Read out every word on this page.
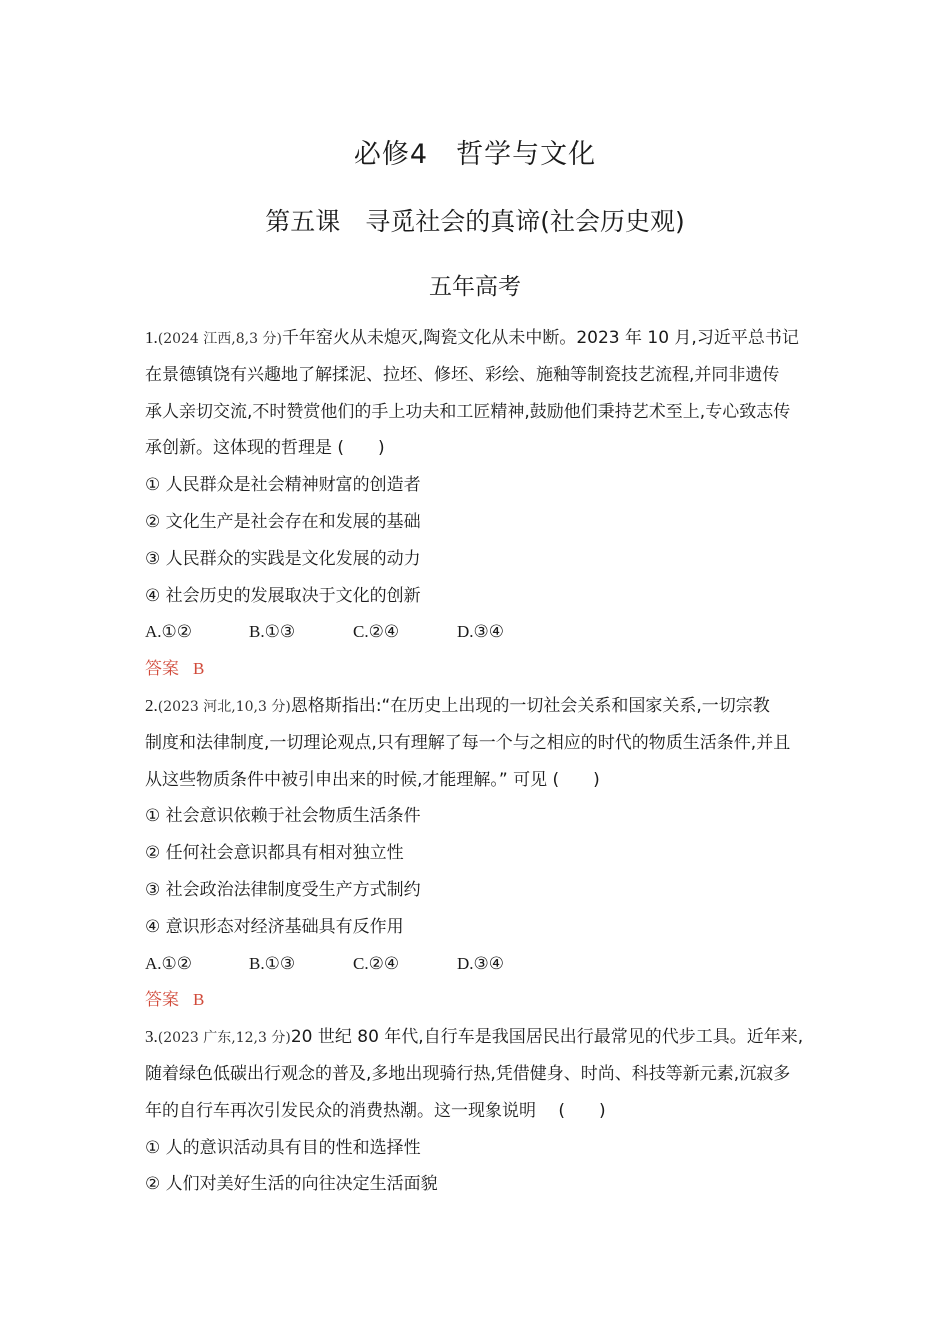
必修4　哲学与文化
第五课　寻觅社会的真谛(社会历史观)
五年高考
1.(2024 江西,8,3 分)千年窑火从未熄灭,陶瓷文化从未中断。2023 年 10 月,习近平总书记
在景德镇饶有兴趣地了解揉泥、拉坯、修坯、彩绘、施釉等制瓷技艺流程,并同非遗传
承人亲切交流,不时赞赏他们的手上功夫和工匠精神,鼓励他们秉持艺术至上,专心致志传
承创新。这体现的哲理是 (　　)
① 人民群众是社会精神财富的创造者
② 文化生产是社会存在和发展的基础
③ 人民群众的实践是文化发展的动力
④ 社会历史的发展取决于文化的创新
A.①②	B.①③	C.②④	D.③④
答案 B
2.(2023 河北,10,3 分)恩格斯指出:“在历史上出现的一切社会关系和国家关系,一切宗教
制度和法律制度,一切理论观点,只有理解了每一个与之相应的时代的物质生活条件,并且
从这些物质条件中被引申出来的时候,才能理解。” 可见 (　　)
① 社会意识依赖于社会物质生活条件
② 任何社会意识都具有相对独立性
③ 社会政治法律制度受生产方式制约
④ 意识形态对经济基础具有反作用
A.①②	B.①③	C.②④	D.③④
答案 B
3.(2023 广东,12,3 分)20 世纪 80 年代,自行车是我国居民出行最常见的代步工具。近年来,
随着绿色低碳出行观念的普及,多地出现骑行热,凭借健身、时尚、科技等新元素,沉寂多
年的自行车再次引发民众的消费热潮。这一现象说明　 (　　)
① 人的意识活动具有目的性和选择性
② 人们对美好生活的向往决定生活面貌
